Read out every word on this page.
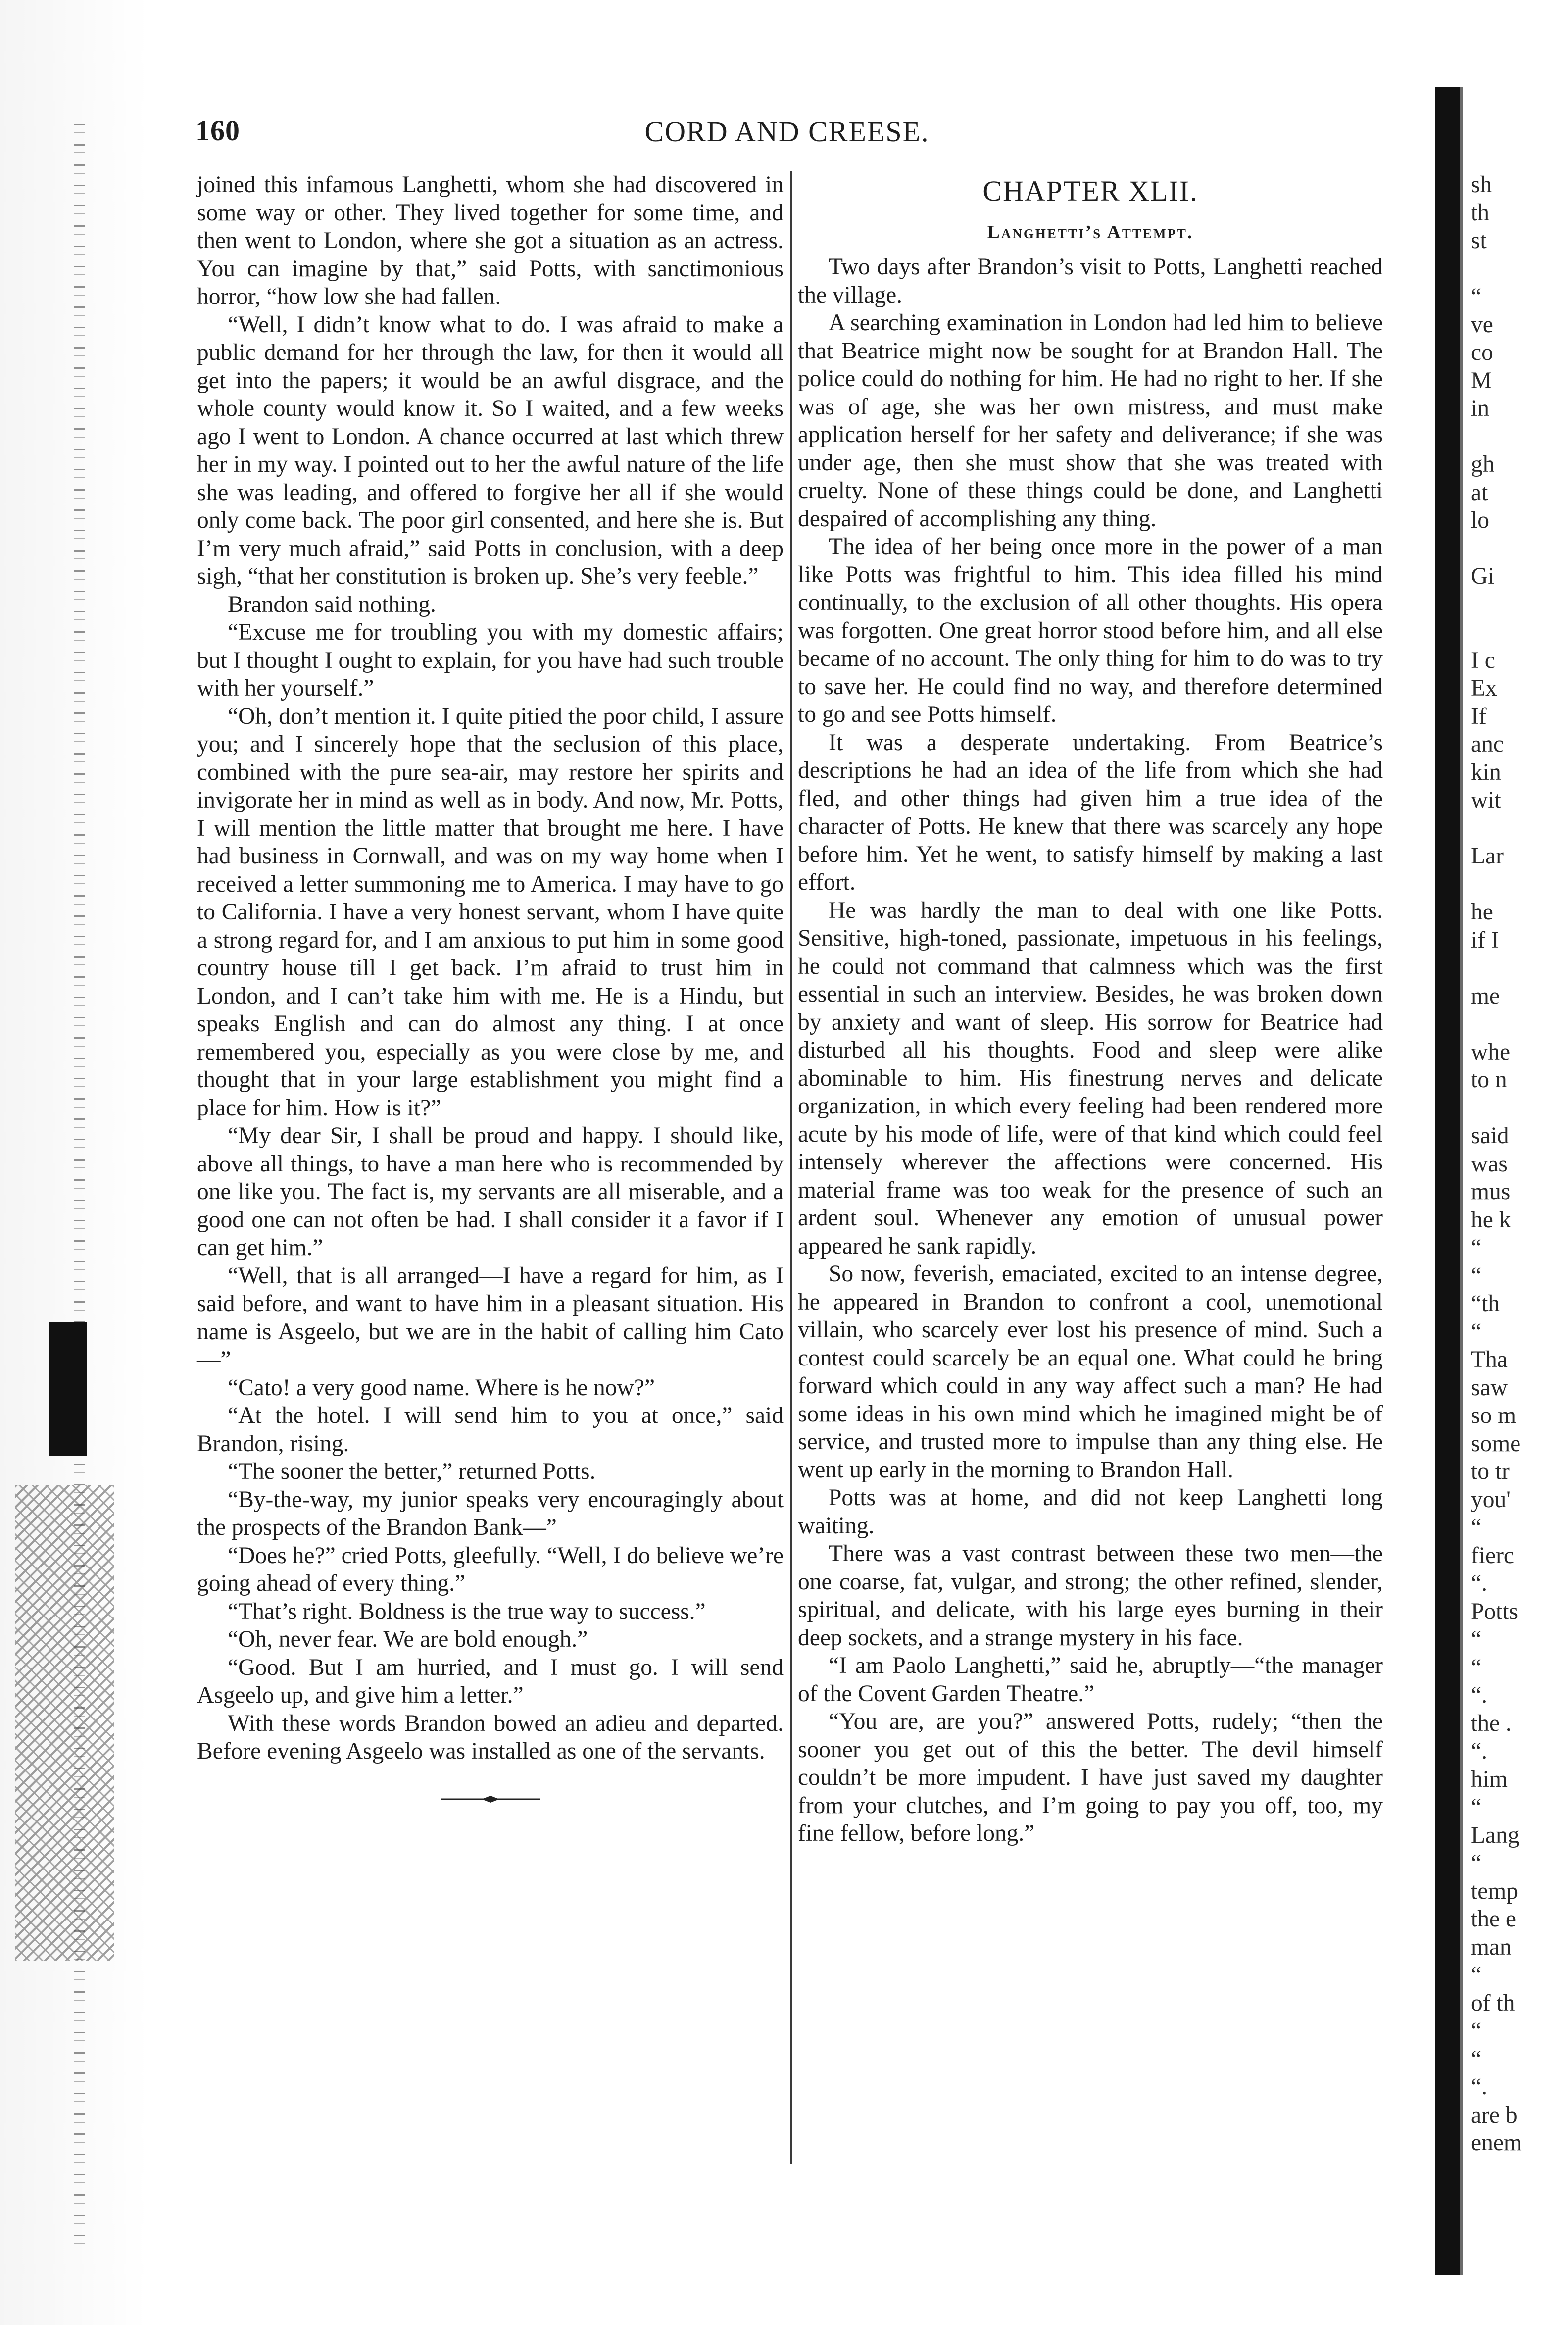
160	CORD AND CREESE.

joined this infamous Langhetti, whom she had discovered in some way or other. They lived together for some time, and then went to London, where she got a situation as an actress. You can imagine by that,” said Potts, with sanctimonious horror, “how low she had fallen.

“Well, I didn’t know what to do. I was afraid to make a public demand for her through the law, for then it would all get into the papers; it would be an awful disgrace, and the whole county would know it. So I waited, and a few weeks ago I went to London. A chance occurred at last which threw her in my way. I pointed out to her the awful nature of the life she was leading, and offered to forgive her all if she would only come back. The poor girl consented, and here she is. But I’m very much afraid,” said Potts in conclusion, with a deep sigh, “that her constitution is broken up. She’s very feeble.”

Brandon said nothing.

“Excuse me for troubling you with my domestic affairs; but I thought I ought to explain, for you have had such trouble with her yourself.”

“Oh, don’t mention it. I quite pitied the poor child, I assure you; and I sincerely hope that the seclusion of this place, combined with the pure sea-air, may restore her spirits and invigorate her in mind as well as in body. And now, Mr. Potts, I will mention the little matter that brought me here. I have had business in Cornwall, and was on my way home when I received a letter summoning me to America. I may have to go to California. I have a very honest servant, whom I have quite a strong regard for, and I am anxious to put him in some good country house till I get back. I’m afraid to trust him in London, and I can’t take him with me. He is a Hindu, but speaks English and can do almost any thing. I at once remembered you, especially as you were close by me, and thought that in your large establishment you might find a place for him. How is it?”

“My dear Sir, I shall be proud and happy. I should like, above all things, to have a man here who is recommended by one like you. The fact is, my servants are all miserable, and a good one can not often be had. I shall consider it a favor if I can get him.”

“Well, that is all arranged—I have a regard for him, as I said before, and want to have him in a pleasant situation. His name is Asgeelo, but we are in the habit of calling him Cato—”

“Cato! a very good name. Where is he now?”

“At the hotel. I will send him to you at once,” said Brandon, rising.

“The sooner the better,” returned Potts.

“By-the-way, my junior speaks very encouragingly about the prospects of the Brandon Bank—”

“Does he?” cried Potts, gleefully. “Well, I do believe we’re going ahead of every thing.”

“That’s right. Boldness is the true way to success.”

“Oh, never fear. We are bold enough.”

“Good. But I am hurried, and I must go. I will send Asgeelo up, and give him a letter.”

With these words Brandon bowed an adieu and departed. Before evening Asgeelo was installed as one of the servants.

CHAPTER XLII.
Langhetti’s Attempt.

Two days after Brandon’s visit to Potts, Langhetti reached the village.

A searching examination in London had led him to believe that Beatrice might now be sought for at Brandon Hall. The police could do nothing for him. He had no right to her. If she was of age, she was her own mistress, and must make application herself for her safety and deliverance; if she was under age, then she must show that she was treated with cruelty. None of these things could be done, and Langhetti despaired of accomplishing any thing.

The idea of her being once more in the power of a man like Potts was frightful to him. This idea filled his mind continually, to the exclusion of all other thoughts. His opera was forgotten. One great horror stood before him, and all else became of no account. The only thing for him to do was to try to save her. He could find no way, and therefore determined to go and see Potts himself.

It was a desperate undertaking. From Beatrice’s descriptions he had an idea of the life from which she had fled, and other things had given him a true idea of the character of Potts. He knew that there was scarcely any hope before him. Yet he went, to satisfy himself by making a last effort.

He was hardly the man to deal with one like Potts. Sensitive, high-toned, passionate, impetuous in his feelings, he could not command that calmness which was the first essential in such an interview. Besides, he was broken down by anxiety and want of sleep. His sorrow for Beatrice had disturbed all his thoughts. Food and sleep were alike abominable to him. His finestrung nerves and delicate organization, in which every feeling had been rendered more acute by his mode of life, were of that kind which could feel intensely wherever the affections were concerned. His material frame was too weak for the presence of such an ardent soul. Whenever any emotion of unusual power appeared he sank rapidly.

So now, feverish, emaciated, excited to an intense degree, he appeared in Brandon to confront a cool, unemotional villain, who scarcely ever lost his presence of mind. Such a contest could scarcely be an equal one. What could he bring forward which could in any way affect such a man? He had some ideas in his own mind which he imagined might be of service, and trusted more to impulse than any thing else. He went up early in the morning to Brandon Hall.

Potts was at home, and did not keep Langhetti long waiting.

There was a vast contrast between these two men—the one coarse, fat, vulgar, and strong; the other refined, slender, spiritual, and delicate, with his large eyes burning in their deep sockets, and a strange mystery in his face.

“I am Paolo Langhetti,” said he, abruptly—“the manager of the Covent Garden Theatre.”

“You are, are you?” answered Potts, rudely; “then the sooner you get out of this the better. The devil himself couldn’t be more impudent. I have just saved my daughter from your clutches, and I’m going to pay you off, too, my fine fellow, before long.”

sh
th
st
“
ve
co
M
in
gh
at
lo
Gi
I c
Ex
If
anc
kin
wit
Lar
he
if I
me
whe
to n
said
was
mus
he k
“
“
“th
“
Tha
saw
so m
some
to tr
you'
“
fierc
“.
Potts
“
“
“.
the .
“.
him
“
Lang
“
temp
the e
man
“
of th
“
“
“.
are b
enem
